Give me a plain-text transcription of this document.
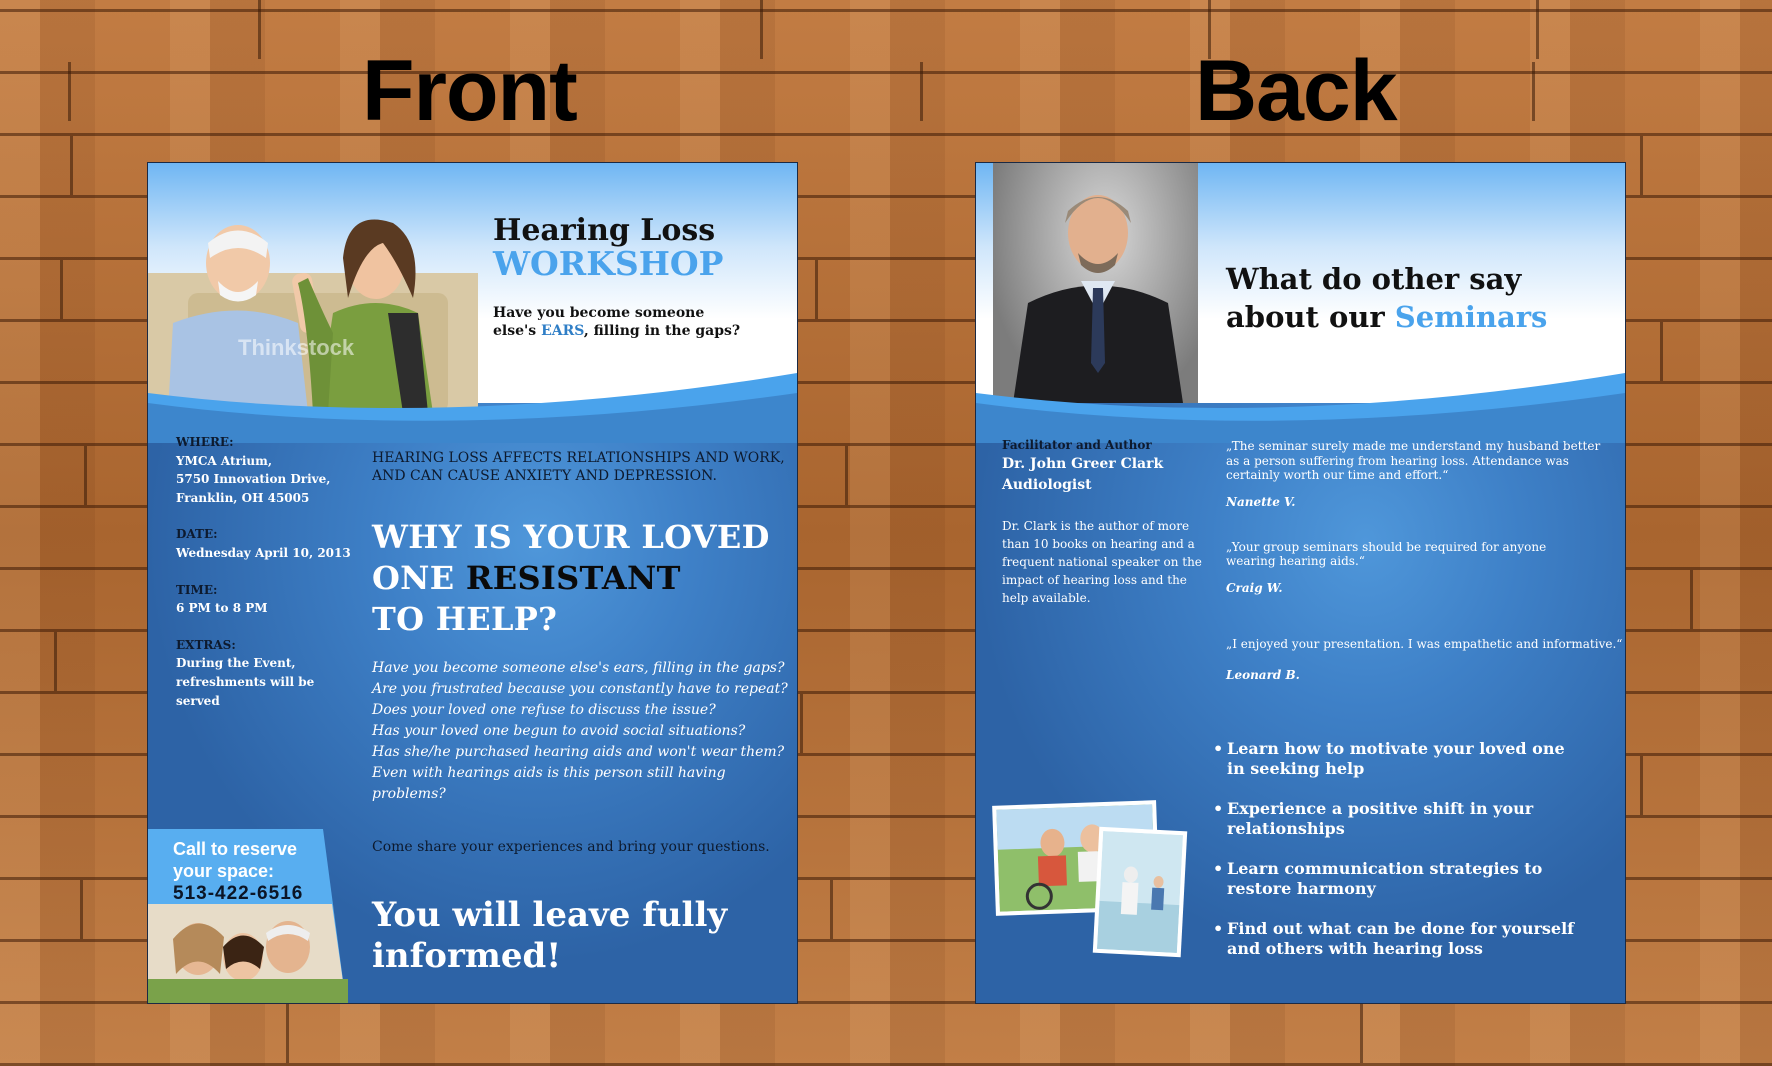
Front	Back
Thinkstock
Hearing Loss
WORKSHOP
Have you become someone
else's EARS, filling in the gaps?
WHERE:
YMCA Atrium,
5750 Innovation Drive,
Franklin, OH 45005
DATE:
Wednesday April 10, 2013
TIME:
6 PM to 8 PM
EXTRAS:
During the Event,
refreshments will be
served
HEARING LOSS AFFECTS RELATIONSHIPS AND WORK,
AND CAN CAUSE ANXIETY AND DEPRESSION.
WHY IS YOUR LOVED
ONE RESISTANT
TO HELP?
Have you become someone else's ears, filling in the gaps?
Are you frustrated because you constantly have to repeat?
Does your loved one refuse to discuss the issue?
Has your loved one begun to avoid social situations?
Has she/he purchased hearing aids and won't wear them?
Even with hearings aids is this person still having problems?
Come share your experiences and bring your questions.
You will leave fully
informed!
Call to reserve
your space:
513-422-6516
What do other say
about our Seminars
Facilitator and Author
Dr. John Greer Clark
Audiologist
Dr. Clark is the author of more
than 10 books on hearing and a
frequent national speaker on the
impact of hearing loss and the
help available.
„The seminar surely made me understand my husband better
as a person suffering from hearing loss. Attendance was
certainly worth our time and effort.“
Nanette V.
„Your group seminars should be required for anyone
wearing hearing aids.“
Craig W.
„I enjoyed your presentation. I was empathetic and informative.“
Leonard B.
• Learn how to motivate your loved one
in seeking help
• Experience a positive shift in your
relationships
• Learn communication strategies to
restore harmony
• Find out what can be done for yourself
and others with hearing loss
